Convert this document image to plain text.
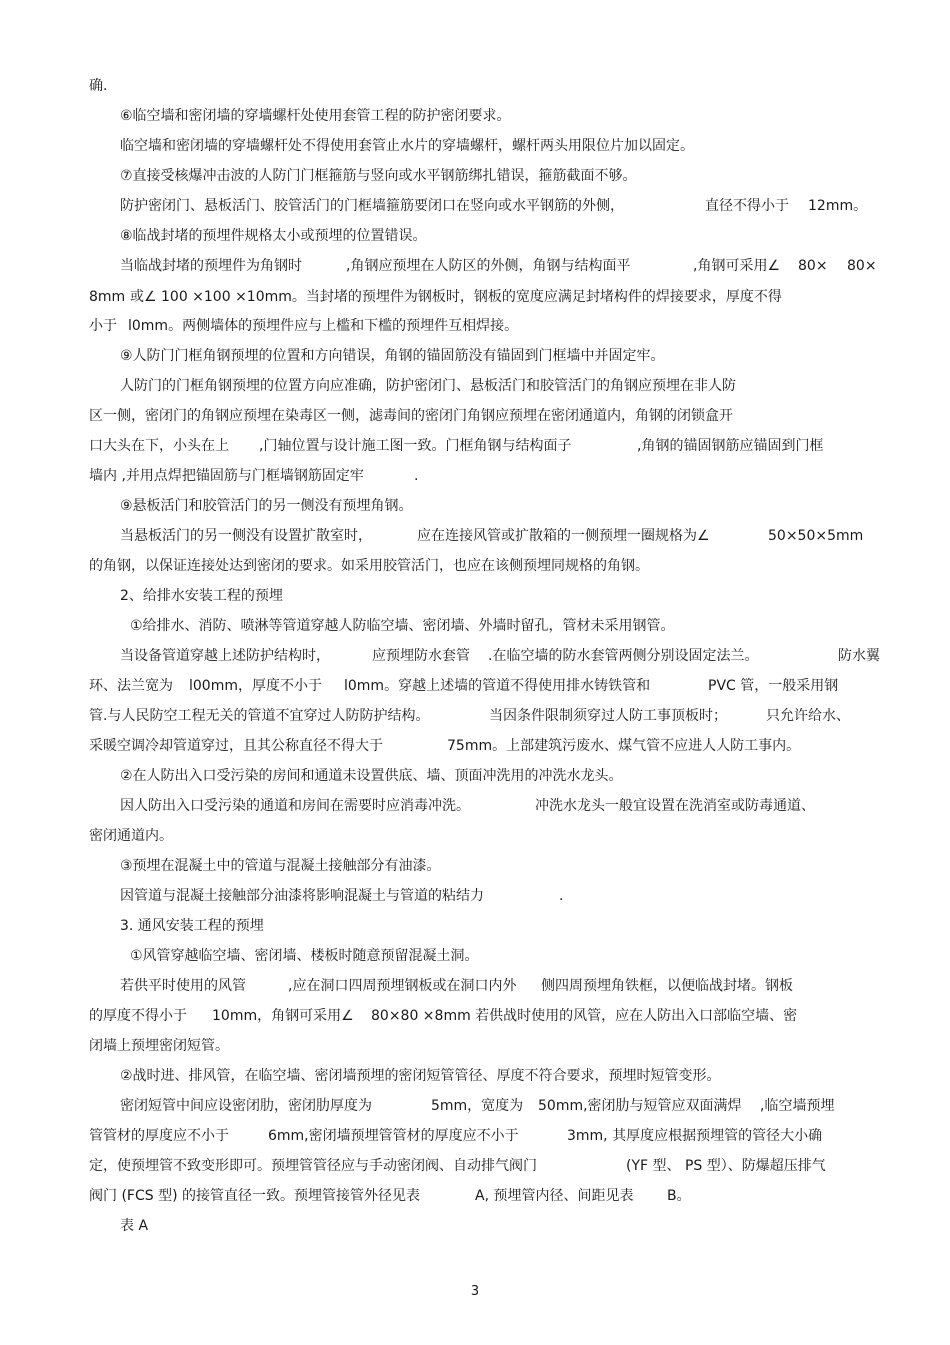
确.
⑥临空墙和密闭墙的穿墙螺杆处使用套管工程的防护密闭要求。
临空墙和密闭墙的穿墙螺杆处不得使用套管止水片的穿墙螺杆，螺杆两头用限位片加以固定。
⑦直接受核爆冲击波的人防门门框箍筋与竖向或水平钢筋绑扎错误，箍筋截面不够。
防护密闭门、悬板活门、胶管活门的门框墙箍筋要闭口在竖向或水平钢筋的外侧，	直径不得小于 12mm。
⑧临战封堵的预埋件规格太小或预埋的位置错误。
当临战封堵的预埋件为角钢时	,角钢应预埋在人防区的外侧，角钢与结构面平	,角钢可采用∠ 80× 80×
8mm 或∠ 100 ×100 ×10mm。当封堵的预埋件为钢板时，钢板的宽度应满足封堵构件的焊接要求，厚度不得
小于 l0mm。两侧墙体的预埋件应与上槛和下槛的预埋件互相焊接。
⑨人防门门框角钢预埋的位置和方向错误，角钢的锚固筋没有锚固到门框墙中并固定牢。
人防门的门框角钢预埋的位置方向应准确，防护密闭门、悬板活门和胶管活门的角钢应预埋在非人防
区一侧，密闭门的角钢应预埋在染毒区一侧，滤毒间的密闭门角钢应预埋在密闭通道内，角钢的闭锁盒开
口大头在下，小头在上 ,门轴位置与设计施工图一致。门框角钢与结构面子	,角钢的锚固钢筋应锚固到门框
墙内 ,并用点焊把锚固筋与门框墙钢筋固定牢	.
⑨悬板活门和胶管活门的另一侧没有预埋角钢。
当悬板活门的另一侧没有设置扩散室时，	应在连接风管或扩散箱的一侧预埋一圈规格为∠	50×50×5mm
的角钢，以保证连接处达到密闭的要求。如采用胶管活门，也应在该侧预埋同规格的角钢。
2、给排水安装工程的预埋
①给排水、消防、喷淋等管道穿越人防临空墙、密闭墙、外墙时留孔，管材未采用钢管。
当设备管道穿越上述防护结构时，	应预埋防水套管 .在临空墙的防水套管两侧分别设固定法兰。	防水翼
环、法兰宽为 l00mm，厚度不小于 l0mm。穿越上述墙的管道不得使用排水铸铁管和	PVC 管，一般采用钢
管.与人民防空工程无关的管道不宜穿过人防防护结构。	当因条件限制须穿过人防工事顶板时；	只允许给水、
采暖空调冷却管道穿过，且其公称直径不得大于	75mm。上部建筑污废水、煤气管不应进人人防工事内。
②在人防出入口受污染的房间和通道未设置供底、墙、顶面冲洗用的冲洗水龙头。
因人防出入口受污染的通道和房间在需要时应消毒冲洗。	冲洗水龙头一般宜设置在洗消室或防毒通道、
密闭通道内。
③预埋在混凝土中的管道与混凝土接触部分有油漆。
因管道与混凝土接触部分油漆将影响混凝土与管道的粘结力	.
3. 通风安装工程的预埋
①风管穿越临空墙、密闭墙、楼板时随意预留混凝土洞。
若供平时使用的风管	,应在洞口四周预埋钢板或在洞口内外 侧四周预埋角铁框，以便临战封堵。钢板
的厚度不得小于 10mm，角钢可采用∠ 80×80 ×8mm 若供战时使用的风管，应在人防出入口部临空墙、密
闭墙上预埋密闭短管。
②战时进、排风管，在临空墙、密闭墙预埋的密闭短管管径、厚度不符合要求，预埋时短管变形。
密闭短管中间应设密闭肋，密闭肋厚度为	5mm，宽度为 50mm,密闭肋与短管应双面满焊 ,临空墙预埋
管管材的厚度应不小于	6mm,密闭墙预埋管管材的厚度应不小于	3mm, 其厚度应根据预埋管的管径大小确
定，使预埋管不致变形即可。预埋管管径应与手动密闭阀、自动排气阀门	(YF 型、 PS 型）、防爆超压排气
阀门 (FCS 型) 的接管直径一致。预埋管接管外径见表	A, 预埋管内径、间距见表 B。
表 A
3
